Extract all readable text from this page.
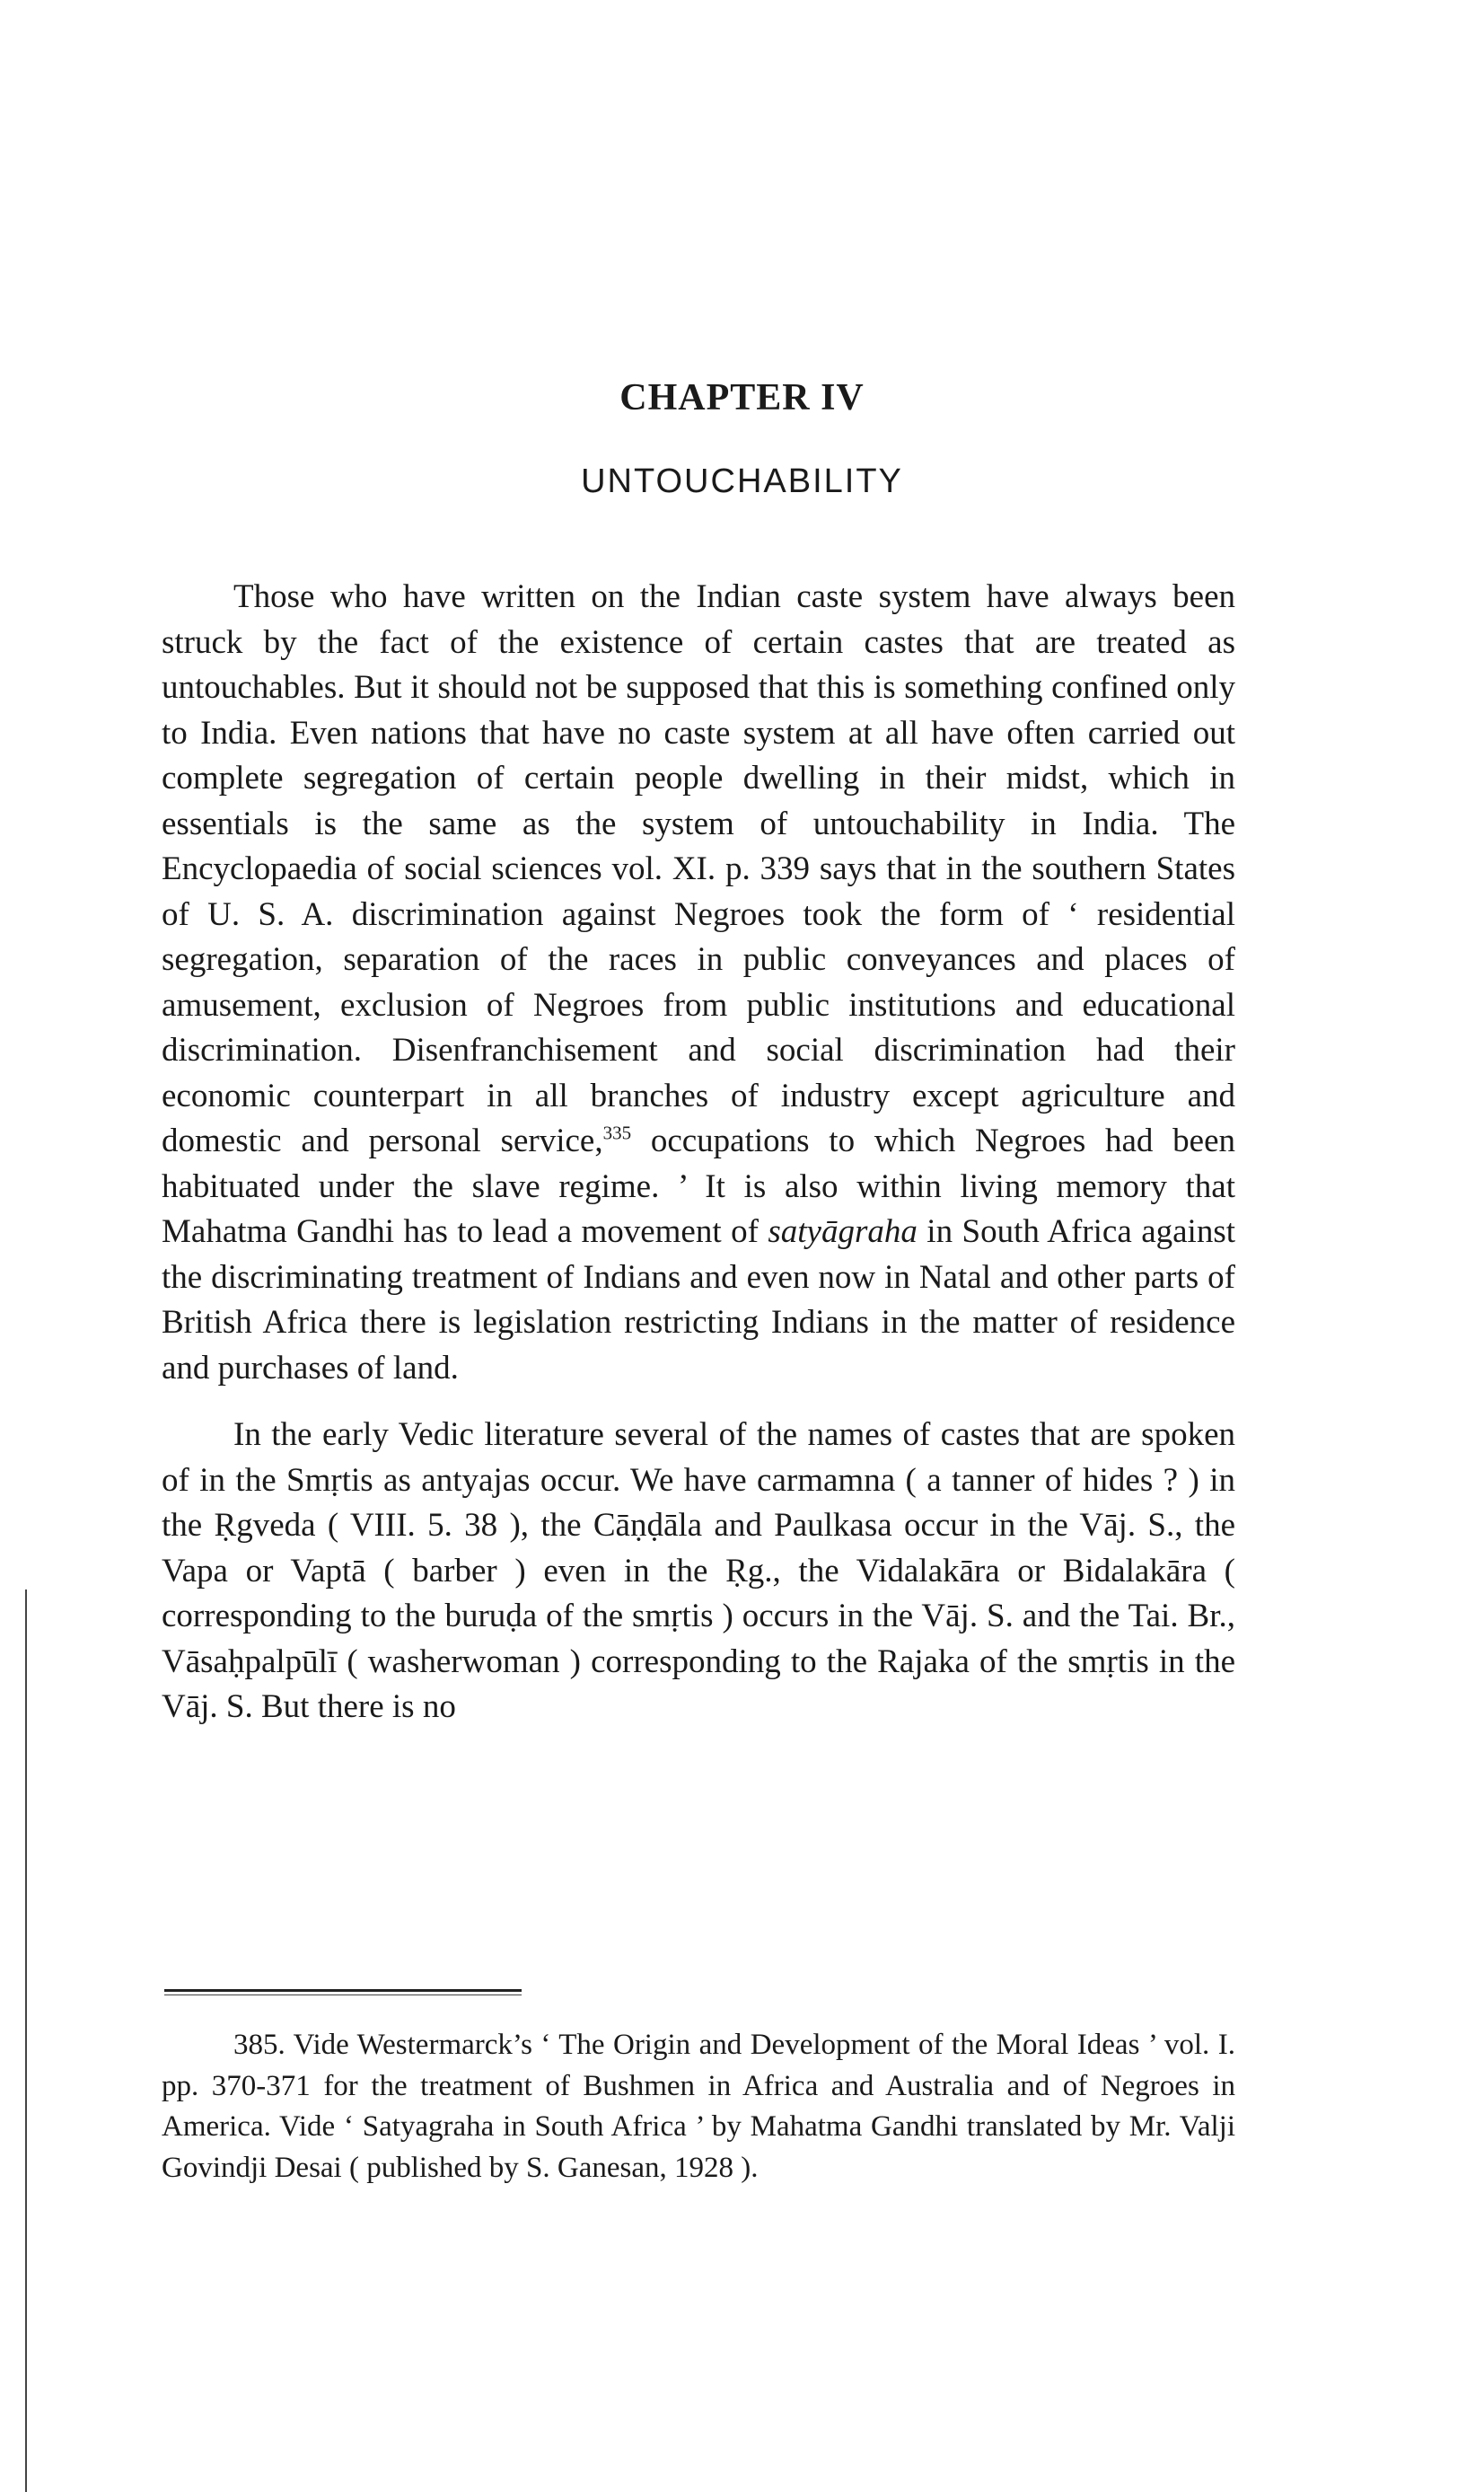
CHAPTER IV
UNTOUCHABILITY

Those who have written on the Indian caste system have always been struck by the fact of the existence of certain castes that are treated as untouchables. But it should not be supposed that this is something confined only to India. Even nations that have no caste system at all have often carried out complete segregation of certain people dwelling in their midst, which in essentials is the same as the system of untouchability in India. The Encyclopaedia of social sciences vol. XI. p. 339 says that in the southern States of U. S. A. discrimination against Negroes took the form of ‘ residential segregation, separation of the races in public conveyances and places of amusement, exclusion of Negroes from public institutions and educational discrimination. Disenfranchisement and social discrimination had their economic counterpart in all branches of industry except agriculture and domestic and personal service,$^{335}$ occupations to which Negroes had been habituated under the slave regime. ’ It is also within living memory that Mahatma Gandhi has to lead a movement of satyāgraha in South Africa against the discriminating treatment of Indians and even now in Natal and other parts of British Africa there is legislation restricting Indians in the matter of residence and purchases of land.

In the early Vedic literature several of the names of castes that are spoken of in the Smṛtis as antyajas occur. We have carmamna ( a tanner of hides ? ) in the Ṛgveda ( VIII. 5. 38 ), the Cāṇḍāla and Paulkasa occur in the Vāj. S., the Vapa or Vaptā ( barber ) even in the Ṛg., the Vidalakāra or Bidalakāra ( corresponding to the buruḍa of the smṛtis ) occurs in the Vāj. S. and the Tai. Br., Vāsaḥpalpūlī ( washerwoman ) corresponding to the Rajaka of the smṛtis in the Vāj. S. But there is no

385. Vide Westermarck’s ‘ The Origin and Development of the Moral Ideas ’ vol. I. pp. 370-371 for the treatment of Bushmen in Africa and Australia and of Negroes in America. Vide ‘ Satyagraha in South Africa ’ by Mahatma Gandhi translated by Mr. Valji Govindji Desai ( published by S. Ganesan, 1928 ).
